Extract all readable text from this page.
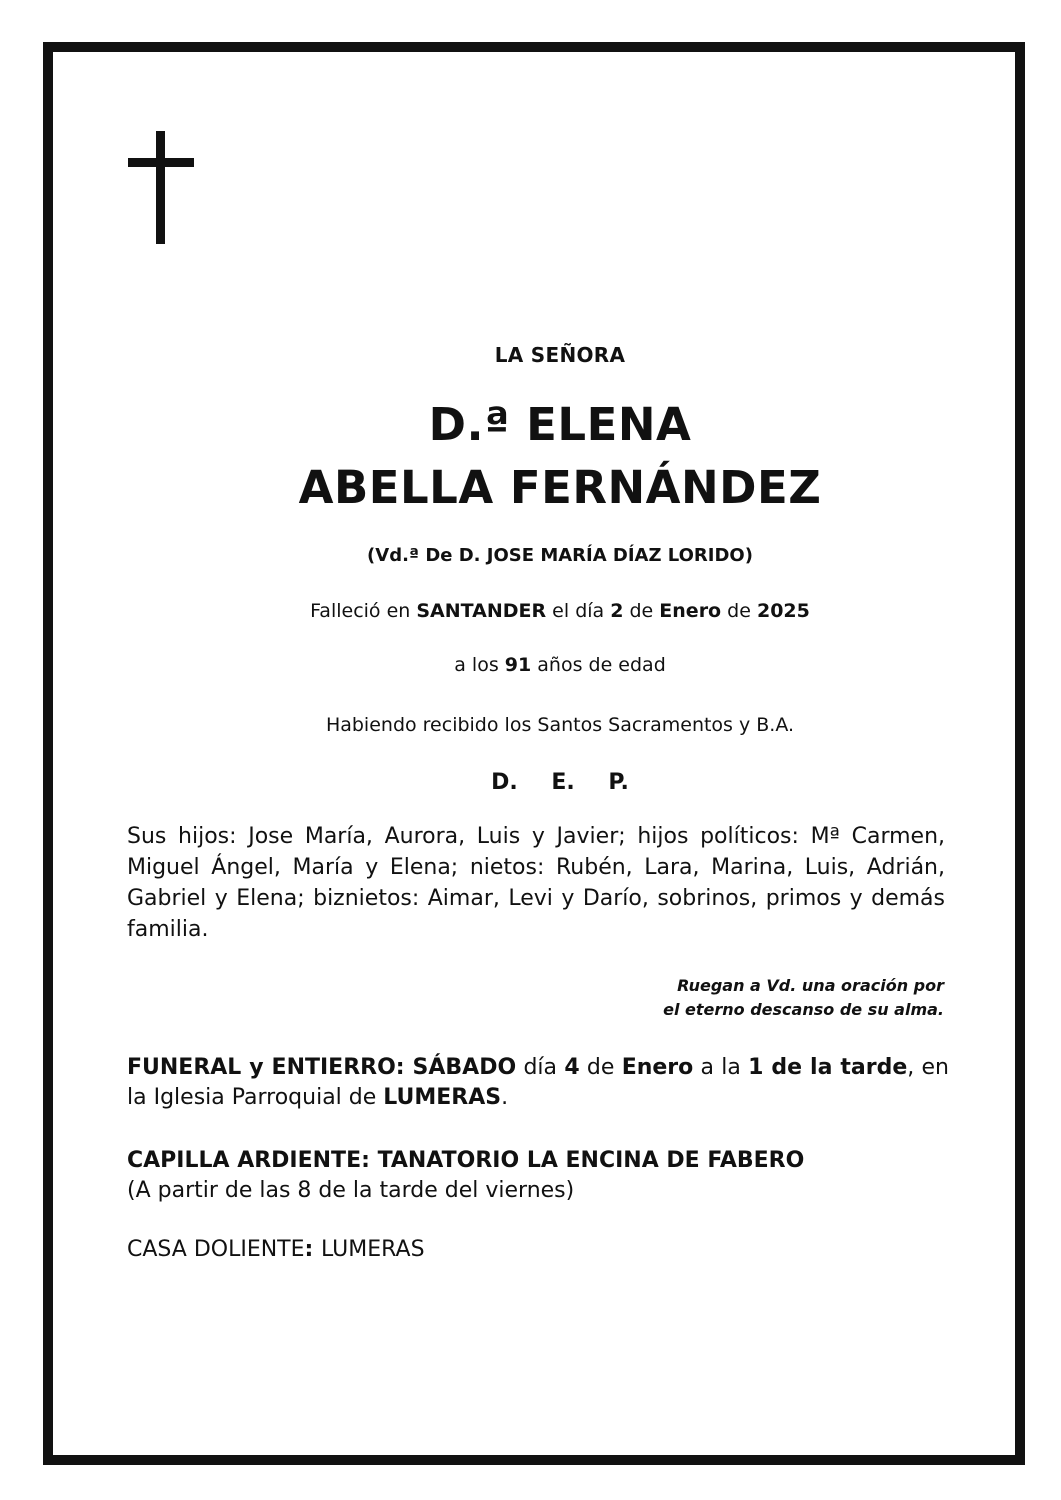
LA SEÑORA
D.ª ELENA
ABELLA FERNÁNDEZ
(Vd.ª De D. JOSE MARÍA DÍAZ LORIDO)
Falleció en SANTANDER el día 2 de Enero de 2025
a los 91 años de edad
Habiendo recibido los Santos Sacramentos y B.A.
D. E. P.
Sus hijos: Jose María, Aurora, Luis y Javier; hijos políticos: Mª Carmen, Miguel Ángel, María y Elena; nietos: Rubén, Lara, Marina, Luis, Adrián, Gabriel y Elena; biznietos: Aimar, Levi y Darío, sobrinos, primos y demás familia.
Ruegan a Vd. una oración por
el eterno descanso de su alma.
FUNERAL y ENTIERRO: SÁBADO día 4 de Enero a la 1 de la tarde, en la Iglesia Parroquial de LUMERAS.
CAPILLA ARDIENTE: TANATORIO LA ENCINA DE FABERO
(A partir de las 8 de la tarde del viernes)
CASA DOLIENTE: LUMERAS
